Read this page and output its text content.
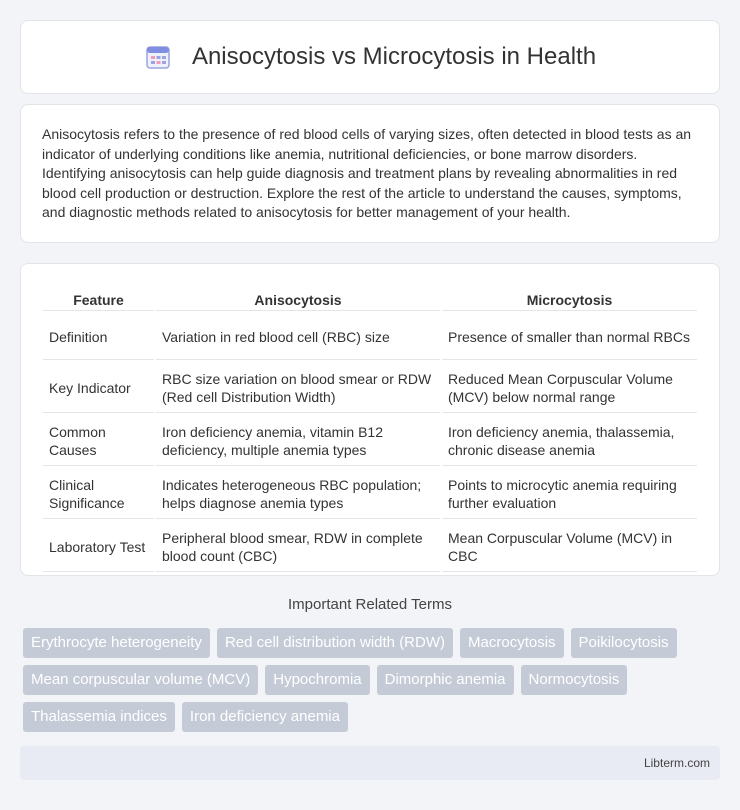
Anisocytosis vs Microcytosis in Health

Anisocytosis refers to the presence of red blood cells of varying sizes, often detected in blood tests as an indicator of underlying conditions like anemia, nutritional deficiencies, or bone marrow disorders. Identifying anisocytosis can help guide diagnosis and treatment plans by revealing abnormalities in red blood cell production or destruction. Explore the rest of the article to understand the causes, symptoms, and diagnostic methods related to anisocytosis for better management of your health.

Feature	Anisocytosis	Microcytosis
Definition	Variation in red blood cell (RBC) size	Presence of smaller than normal RBCs
Key Indicator	RBC size variation on blood smear or RDW (Red cell Distribution Width)	Reduced Mean Corpuscular Volume (MCV) below normal range
Common Causes	Iron deficiency anemia, vitamin B12 deficiency, multiple anemia types	Iron deficiency anemia, thalassemia, chronic disease anemia
Clinical Significance	Indicates heterogeneous RBC population; helps diagnose anemia types	Points to microcytic anemia requiring further evaluation
Laboratory Test	Peripheral blood smear, RDW in complete blood count (CBC)	Mean Corpuscular Volume (MCV) in CBC
Important Related Terms
Erythrocyte heterogeneity	Red cell distribution width (RDW)	Macrocytosis	Poikilocytosis
Mean corpuscular volume (MCV)	Hypochromia	Dimorphic anemia	Normocytosis
Thalassemia indices	Iron deficiency anemia
Libterm.com
